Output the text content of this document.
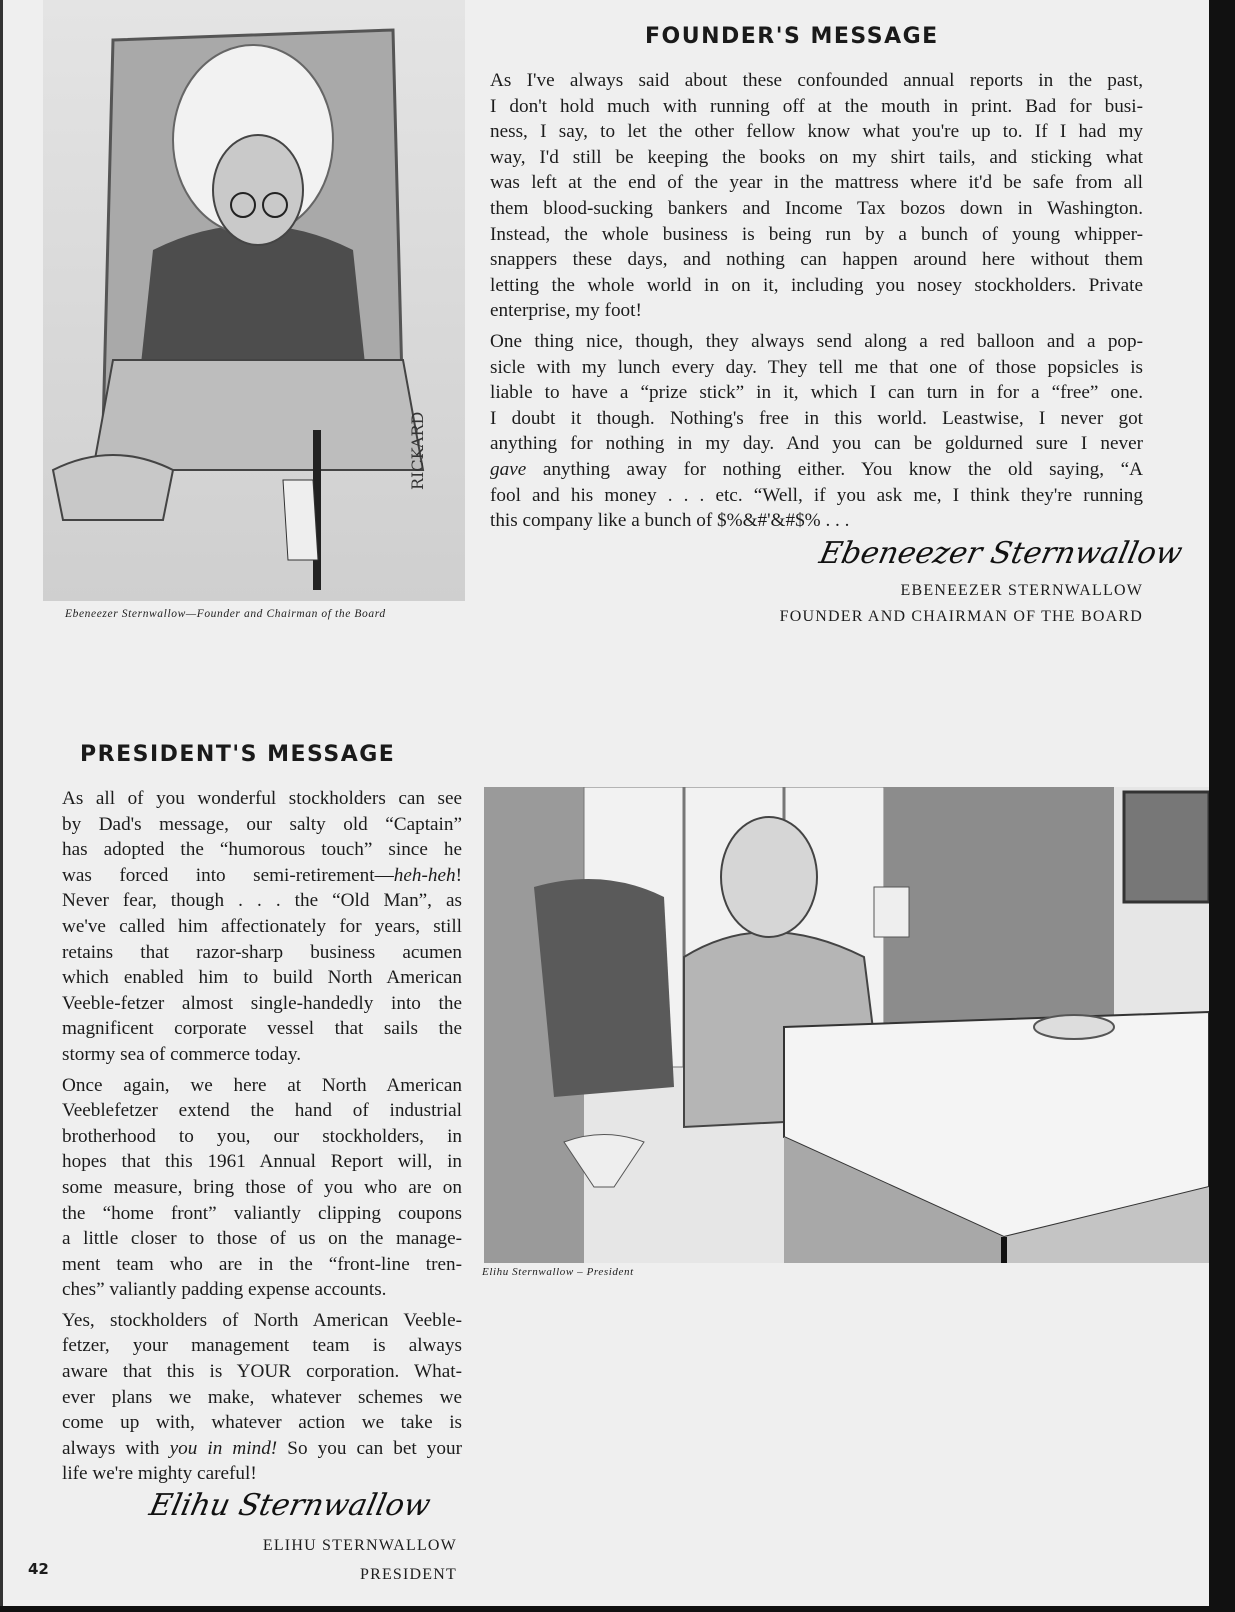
RICKARD
Ebeneezer Sternwallow—Founder and Chairman of the Board
FOUNDER'S MESSAGE
As I've always said about these confounded annual reports in the past,
I don't hold much with running off at the mouth in print. Bad for busi-
ness, I say, to let the other fellow know what you're up to. If I had my
way, I'd still be keeping the books on my shirt tails, and sticking what
was left at the end of the year in the mattress where it'd be safe from all
them blood-sucking bankers and Income Tax bozos down in Washington.
Instead, the whole business is being run by a bunch of young whipper-
snappers these days, and nothing can happen around here without them
letting the whole world in on it, including you nosey stockholders. Private
enterprise, my foot!
One thing nice, though, they always send along a red balloon and a pop-
sicle with my lunch every day. They tell me that one of those popsicles is
liable to have a “prize stick” in it, which I can turn in for a “free” one.
I doubt it though. Nothing's free in this world. Leastwise, I never got
anything for nothing in my day. And you can be goldurned sure I never
gave anything away for nothing either. You know the old saying, “A
fool and his money . . . etc. “Well, if you ask me, I think they're running
this company like a bunch of $%&#'&#$% . . .
Ebeneezer Sternwallow
EBENEEZER STERNWALLOW
FOUNDER AND CHAIRMAN OF THE BOARD
PRESIDENT'S MESSAGE
As all of you wonderful stockholders can see
by Dad's message, our salty old “Captain”
has adopted the “humorous touch” since he
was forced into semi-retirement—heh-heh!
Never fear, though . . . the “Old Man”, as
we've called him affectionately for years, still
retains that razor-sharp business acumen
which enabled him to build North American
Veeble-fetzer almost single-handedly into the
magnificent corporate vessel that sails the
stormy sea of commerce today.
Once again, we here at North American
Veeblefetzer extend the hand of industrial
brotherhood to you, our stockholders, in
hopes that this 1961 Annual Report will, in
some measure, bring those of you who are on
the “home front” valiantly clipping coupons
a little closer to those of us on the manage-
ment team who are in the “front-line tren-
ches” valiantly padding expense accounts.
Yes, stockholders of North American Veeble-
fetzer, your management team is always
aware that this is YOUR corporation. What-
ever plans we make, whatever schemes we
come up with, whatever action we take is
always with you in mind! So you can bet your
life we're mighty careful!
Elihu Sternwallow
ELIHU STERNWALLOW
PRESIDENT
42
Elihu Sternwallow – President
